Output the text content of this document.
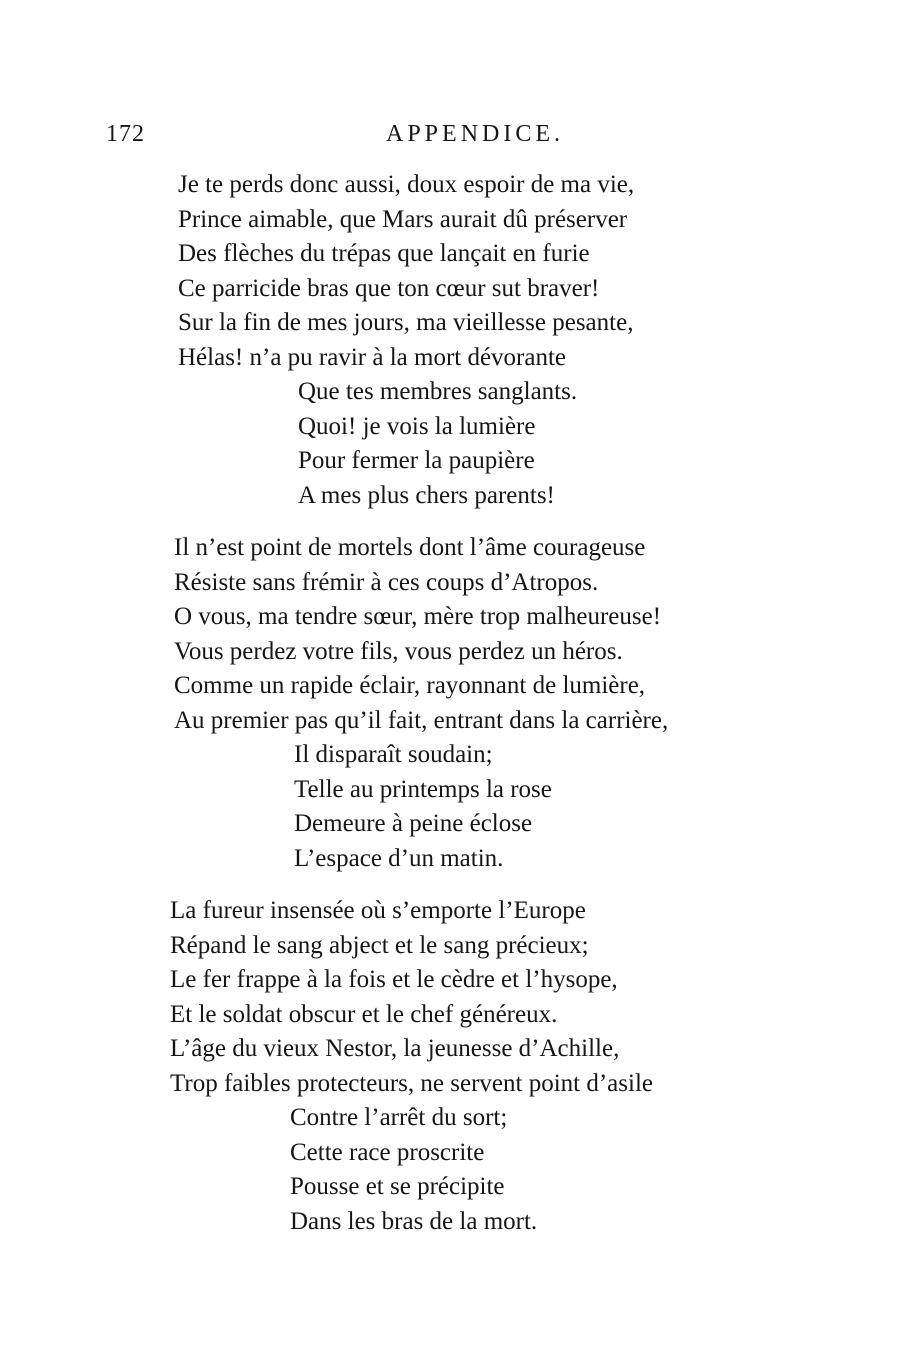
172	APPENDICE.
Je te perds donc aussi, doux espoir de ma vie,
Prince aimable, que Mars aurait dû préserver
Des flèches du trépas que lançait en furie
Ce parricide bras que ton cœur sut braver!
Sur la fin de mes jours, ma vieillesse pesante,
Hélas! n’a pu ravir à la mort dévorante
Que tes membres sanglants.
Quoi! je vois la lumière
Pour fermer la paupière
A mes plus chers parents!
Il n’est point de mortels dont l’âme courageuse
Résiste sans frémir à ces coups d’Atropos.
O vous, ma tendre sœur, mère trop malheureuse!
Vous perdez votre fils, vous perdez un héros.
Comme un rapide éclair, rayonnant de lumière,
Au premier pas qu’il fait, entrant dans la carrière,
Il disparaît soudain;
Telle au printemps la rose
Demeure à peine éclose
L’espace d’un matin.
La fureur insensée où s’emporte l’Europe
Répand le sang abject et le sang précieux;
Le fer frappe à la fois et le cèdre et l’hysope,
Et le soldat obscur et le chef généreux.
L’âge du vieux Nestor, la jeunesse d’Achille,
Trop faibles protecteurs, ne servent point d’asile
Contre l’arrêt du sort;
Cette race proscrite
Pousse et se précipite
Dans les bras de la mort.
